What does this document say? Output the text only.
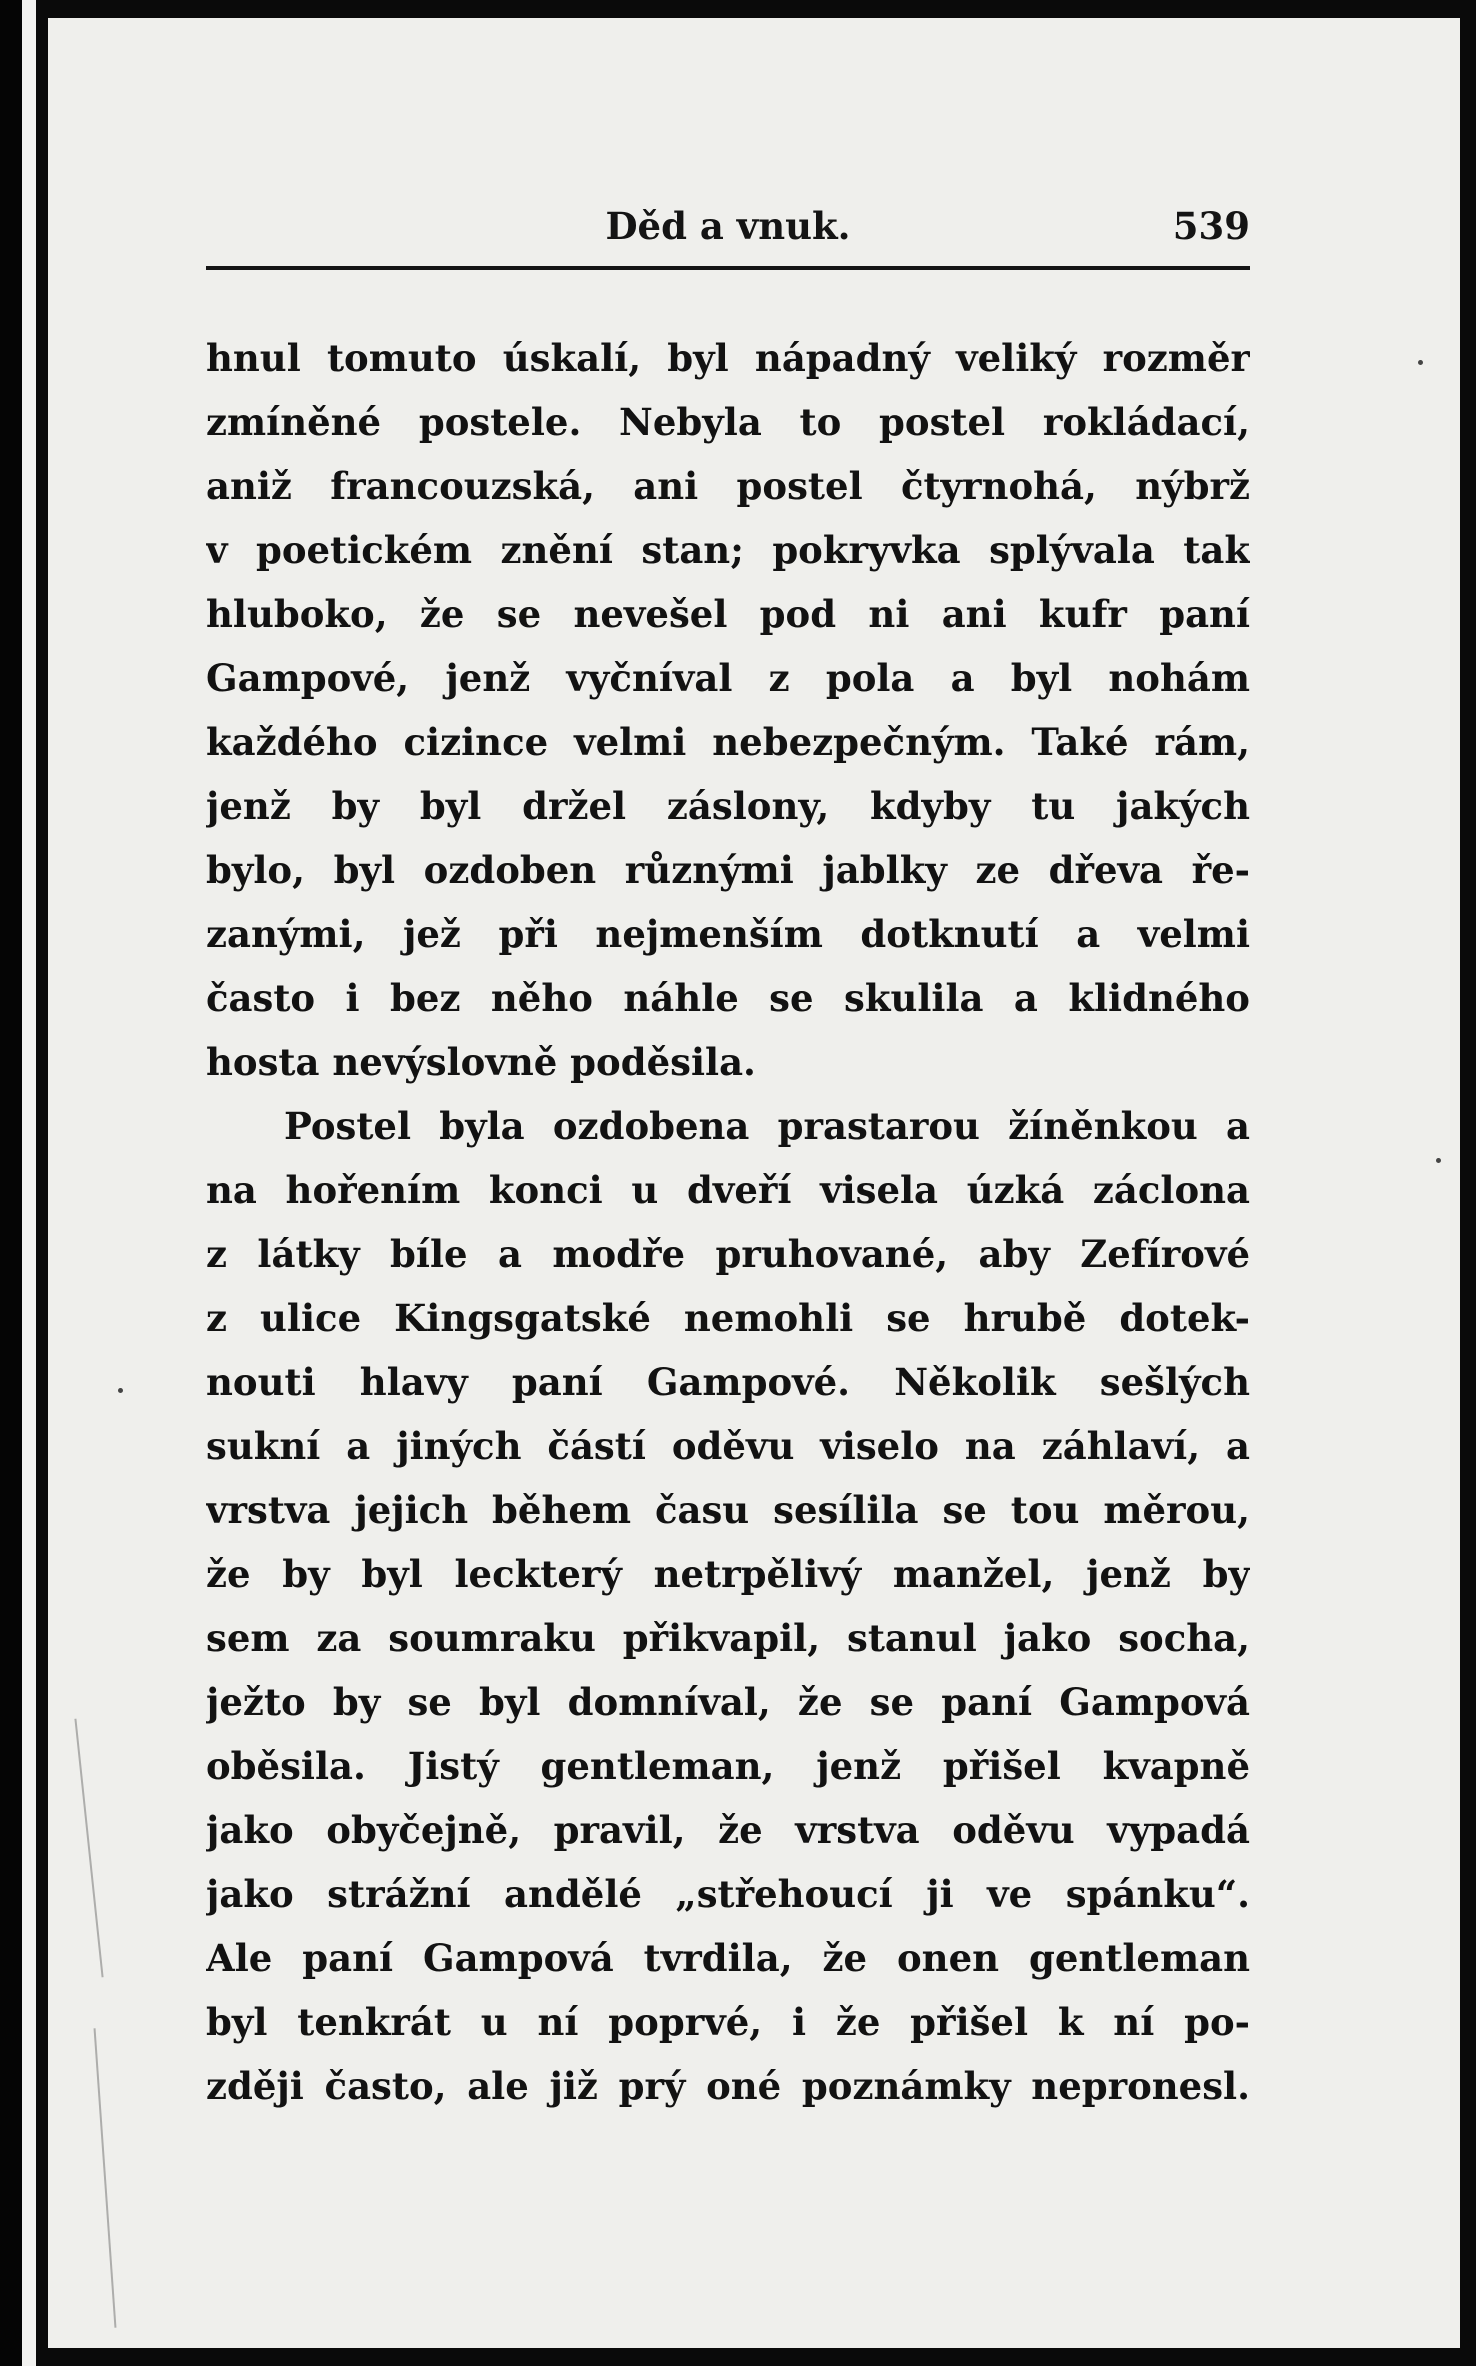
Děd a vnuk.	539
hnul tomuto úskalí, byl nápadný veliký rozměr
zmíněné postele. Nebyla to postel rokládací,
aniž francouzská, ani postel čtyrnohá, nýbrž
v poetickém znění stan; pokryvka splývala tak
hluboko, že se nevešel pod ni ani kufr paní
Gampové, jenž vyčníval z pola a byl nohám
každého cizince velmi nebezpečným. Také rám,
jenž by byl držel záslony, kdyby tu jakých
bylo, byl ozdoben různými jablky ze dřeva ře-
zanými, jež při nejmenším dotknutí a velmi
často i bez něho náhle se skulila a klidného
hosta nevýslovně poděsila.
Postel byla ozdobena prastarou žíněnkou a
na hořením konci u dveří visela úzká záclona
z látky bíle a modře pruhované, aby Zefírové
z ulice Kingsgatské nemohli se hrubě dotek-
nouti hlavy paní Gampové. Několik sešlých
sukní a jiných částí oděvu viselo na záhlaví, a
vrstva jejich během času sesílila se tou měrou,
že by byl leckterý netrpělivý manžel, jenž by
sem za soumraku přikvapil, stanul jako socha,
ježto by se byl domníval, že se paní Gampová
oběsila. Jistý gentleman, jenž přišel kvapně
jako obyčejně, pravil, že vrstva oděvu vypadá
jako strážní andělé „střehoucí ji ve spánku“.
Ale paní Gampová tvrdila, že onen gentleman
byl tenkrát u ní poprvé, i že přišel k ní po-
zději často, ale již prý oné poznámky nepronesl.
